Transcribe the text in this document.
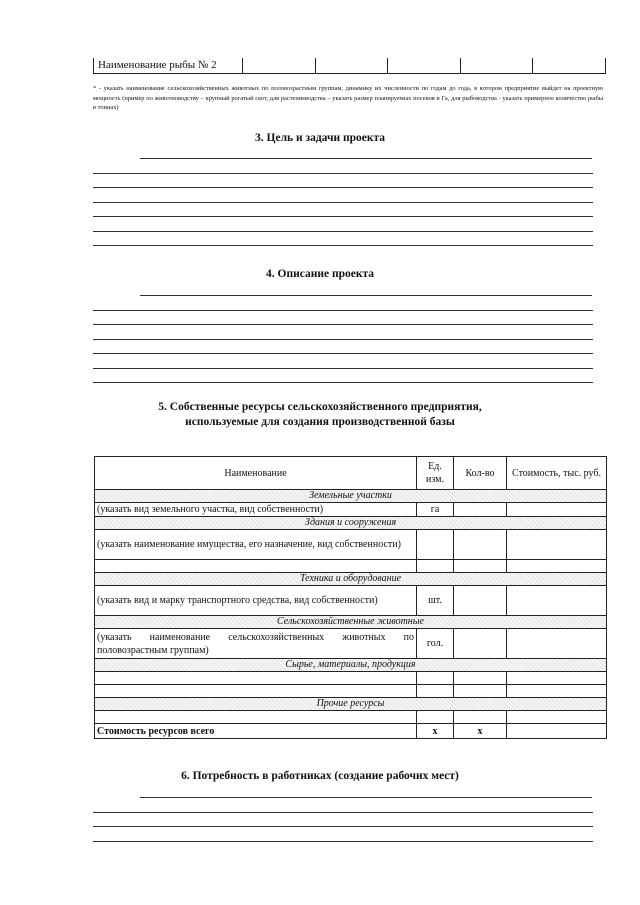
Наименование рыбы № 2
* - указать наименование сельскохозяйственных животных по половозрастным группам, динамику их численности по годам до года, в котором предприятие выйдет на проектную мощность (пример по животноводству – крупный рогатый скот, для растениеводства – указать размер планируемых посевов в Га, для рыбоводства - указать примерное количество рыбы в тоннах)
3. Цель и задачи проекта
4. Описание проекта
5. Собственные ресурсы сельскохозяйственного предприятия,
используемые для создания производственной базы
Наименование	Ед. изм.	Кол-во	Стоимость, тыс. руб.
Земельные участки			
(указать вид земельного участка, вид собственности)	га		
Здания и сооружения			
(указать наименование имущества, его назначение, вид собственности)			

Техника и оборудование			
(указать вид и марку транспортного средства, вид собственности)	шт.		
Сельскохозяйственные животные			
(указать наименование сельскохозяйственных животных по половозрастным группам)	гол.		
Сырье, материалы, продукция			

Прочие ресурсы			

Стоимость ресурсов всего	х	х	
6. Потребность в работниках (создание рабочих мест)
